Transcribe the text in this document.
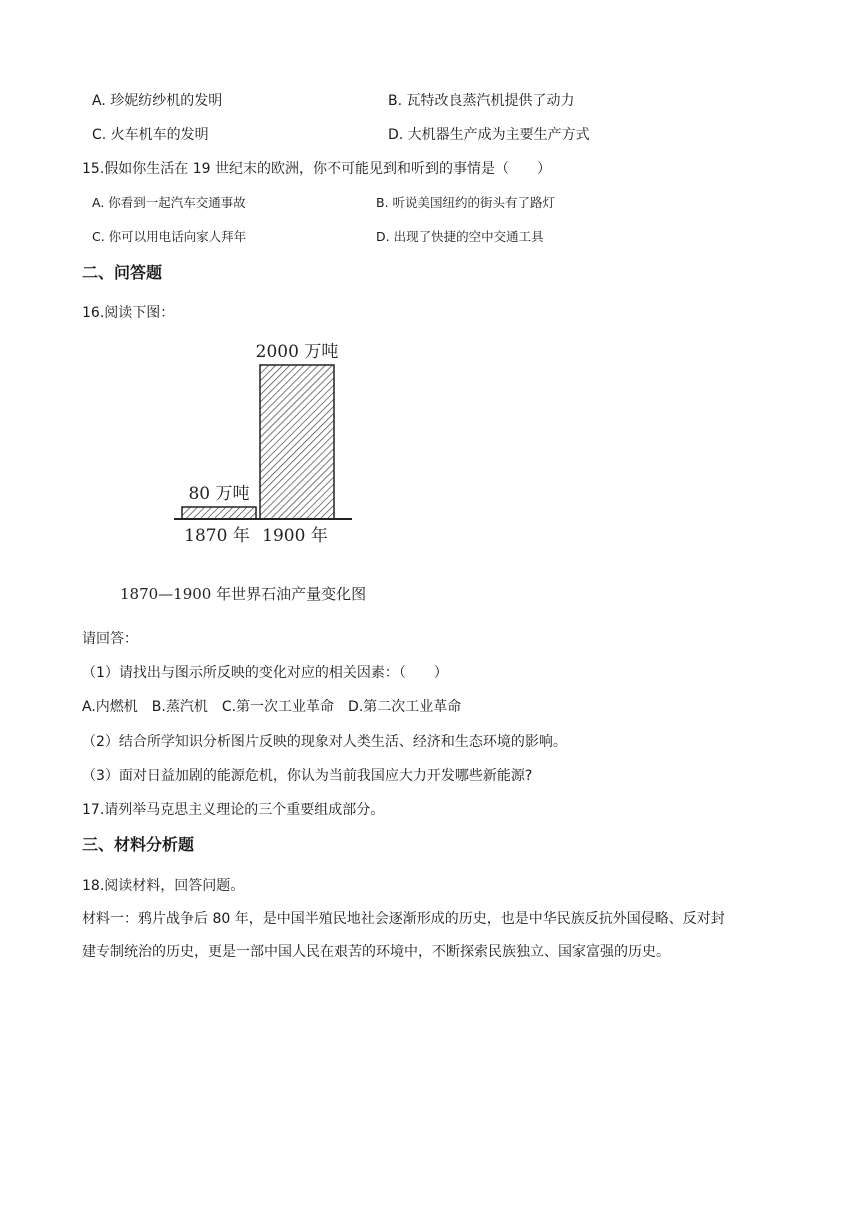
A. 珍妮纺纱机的发明	B. 瓦特改良蒸汽机提供了动力
C. 火车机车的发明	D. 大机器生产成为主要生产方式
15.假如你生活在 19 世纪末的欧洲，你不可能见到和听到的事情是（　　）
A. 你看到一起汽车交通事故	B. 听说美国纽约的街头有了路灯
C. 你可以用电话向家人拜年	D. 出现了快捷的空中交通工具
二、问答题
16.阅读下图：
80 万吨
1870 年
2000 万吨
1900 年
1870—1900 年世界石油产量变化图
请回答：
（1）请找出与图示所反映的变化对应的相关因素：（　　）
A.内燃机　B.蒸汽机　C.第一次工业革命　D.第二次工业革命
（2）结合所学知识分析图片反映的现象对人类生活、经济和生态环境的影响。
（3）面对日益加剧的能源危机，你认为当前我国应大力开发哪些新能源?
17.请列举马克思主义理论的三个重要组成部分。
三、材料分析题
18.阅读材料，回答问题。
材料一：鸦片战争后 80 年，是中国半殖民地社会逐渐形成的历史，也是中华民族反抗外国侵略、反对封
建专制统治的历史，更是一部中国人民在艰苦的环境中，不断探索民族独立、国家富强的历史。
